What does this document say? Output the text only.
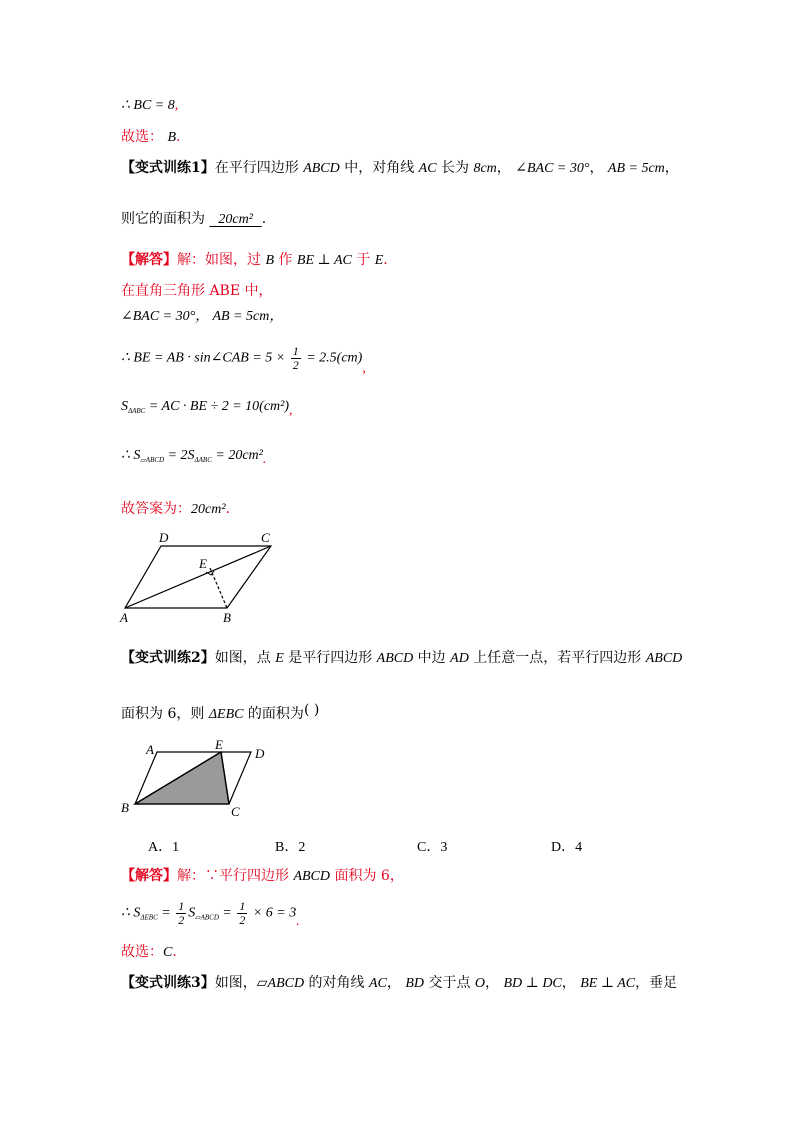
∴ BC = 8,
故选： B.
【变式训练1】在平行四边形 ABCD 中，对角线 AC 长为 8cm， ∠BAC = 30°， AB = 5cm，
则它的面积为   20cm² .
【解答】解：如图，过 B 作 BE ⊥ AC 于 E.
在直角三角形 ABE 中，
∠BAC = 30°， AB = 5cm，
∴ BE = AB · sin∠CAB = $5 \times \frac{1}{2} = 2.5(cm)$,
$S_{\Delta ABC}$ = AC · BE ÷ 2 = 10(cm²),
∴ $S_{▱ABCD} = 2S_{\Delta ABC} = 20cm^2$.
故答案为：20cm².
D	C
E
A	B
【变式训练2】如图，点 E 是平行四边形 ABCD 中边 AD 上任意一点，若平行四边形 ABCD
面积为 6，则 ΔEBC 的面积为( )
A	E
D
B	C
A．1	B．2	C．3	D．4
【解答】解：∵平行四边形 ABCD 面积为 6，
∴ $S_{\Delta EBC} = \frac{1}{2} S_{▱ABCD} = \frac{1}{2} \times 6 = 3$.
故选：C.
【变式训练3】如图，▱ABCD 的对角线 AC， BD 交于点 O， BD ⊥ DC， BE ⊥ AC，垂足
